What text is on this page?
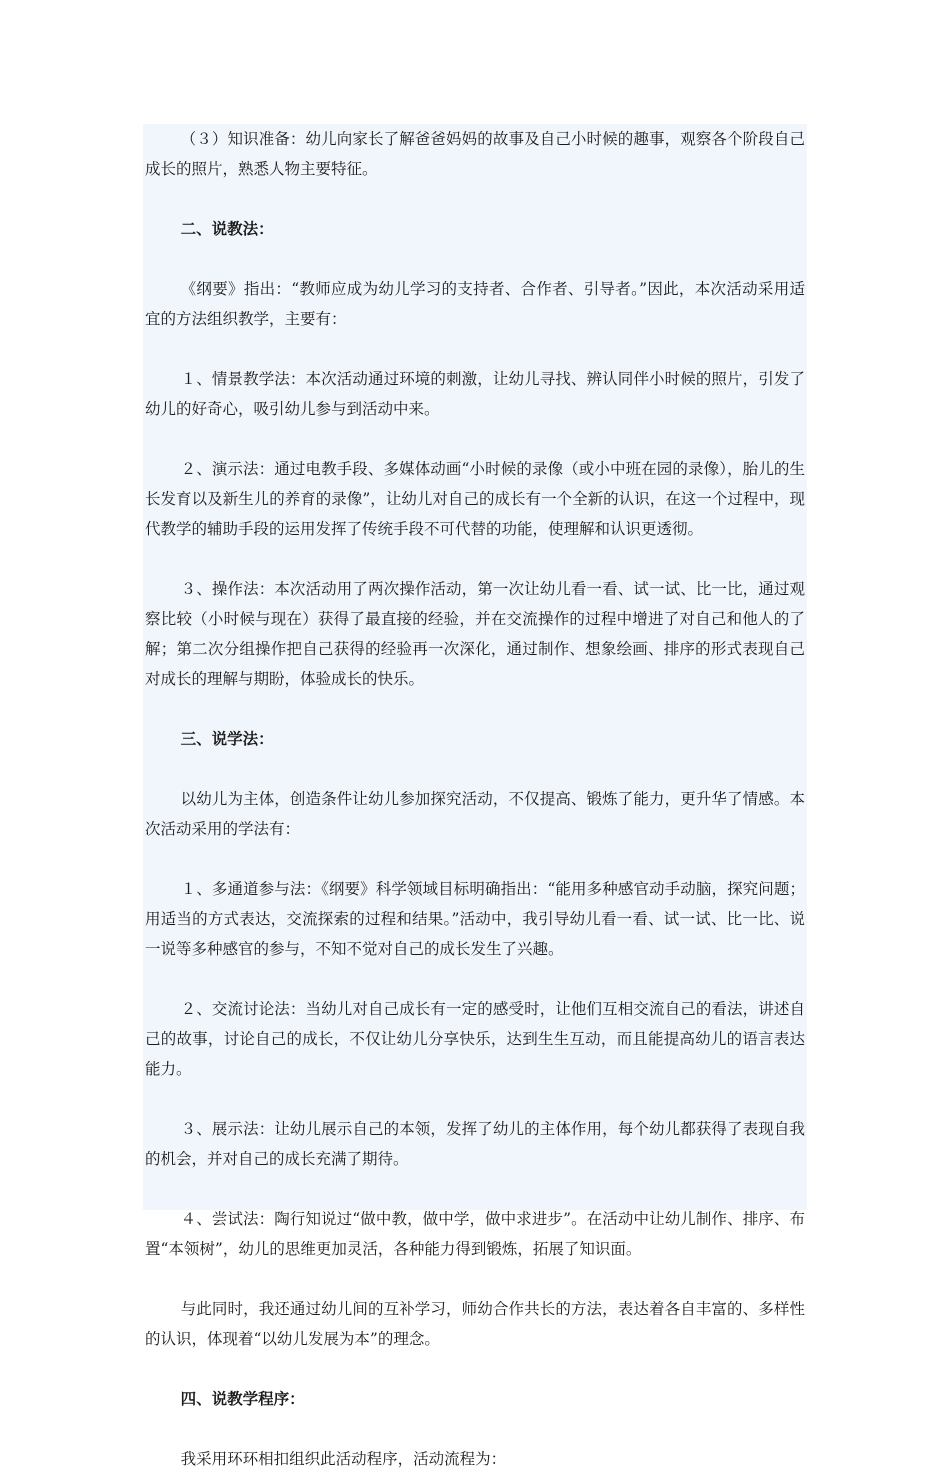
（３）知识准备：幼儿向家长了解爸爸妈妈的故事及自己小时候的趣事，观察各个阶段自己成长的照片，熟悉人物主要特征。

二、说教法：

《纲要》指出：“教师应成为幼儿学习的支持者、合作者、引导者。”因此，本次活动采用适宜的方法组织教学，主要有：

１、情景教学法：本次活动通过环境的刺激，让幼儿寻找、辨认同伴小时候的照片，引发了幼儿的好奇心，吸引幼儿参与到活动中来。

２、演示法：通过电教手段、多媒体动画“小时候的录像（或小中班在园的录像），胎儿的生长发育以及新生儿的养育的录像”，让幼儿对自己的成长有一个全新的认识，在这一个过程中，现代教学的辅助手段的运用发挥了传统手段不可代替的功能，使理解和认识更透彻。

３、操作法：本次活动用了两次操作活动，第一次让幼儿看一看、试一试、比一比，通过观察比较（小时候与现在）获得了最直接的经验，并在交流操作的过程中增进了对自己和他人的了解；第二次分组操作把自己获得的经验再一次深化，通过制作、想象绘画、排序的形式表现自己对成长的理解与期盼，体验成长的快乐。

三、说学法：

以幼儿为主体，创造条件让幼儿参加探究活动，不仅提高、锻炼了能力，更升华了情感。本次活动采用的学法有：

１、多通道参与法：《纲要》科学领域目标明确指出：“能用多种感官动手动脑，探究问题；用适当的方式表达，交流探索的过程和结果。”活动中，我引导幼儿看一看、试一试、比一比、说一说等多种感官的参与，不知不觉对自己的成长发生了兴趣。

２、交流讨论法：当幼儿对自己成长有一定的感受时，让他们互相交流自己的看法，讲述自己的故事，讨论自己的成长，不仅让幼儿分享快乐，达到生生互动，而且能提高幼儿的语言表达能力。

３、展示法：让幼儿展示自己的本领，发挥了幼儿的主体作用，每个幼儿都获得了表现自我的机会，并对自己的成长充满了期待。

４、尝试法：陶行知说过“做中教，做中学，做中求进步”。在活动中让幼儿制作、排序、布置“本领树”，幼儿的思维更加灵活，各种能力得到锻炼，拓展了知识面。

与此同时，我还通过幼儿间的互补学习，师幼合作共长的方法，表达着各自丰富的、多样性的认识，体现着“以幼儿发展为本”的理念。

四、说教学程序：

我采用环环相扣组织此活动程序，活动流程为：
